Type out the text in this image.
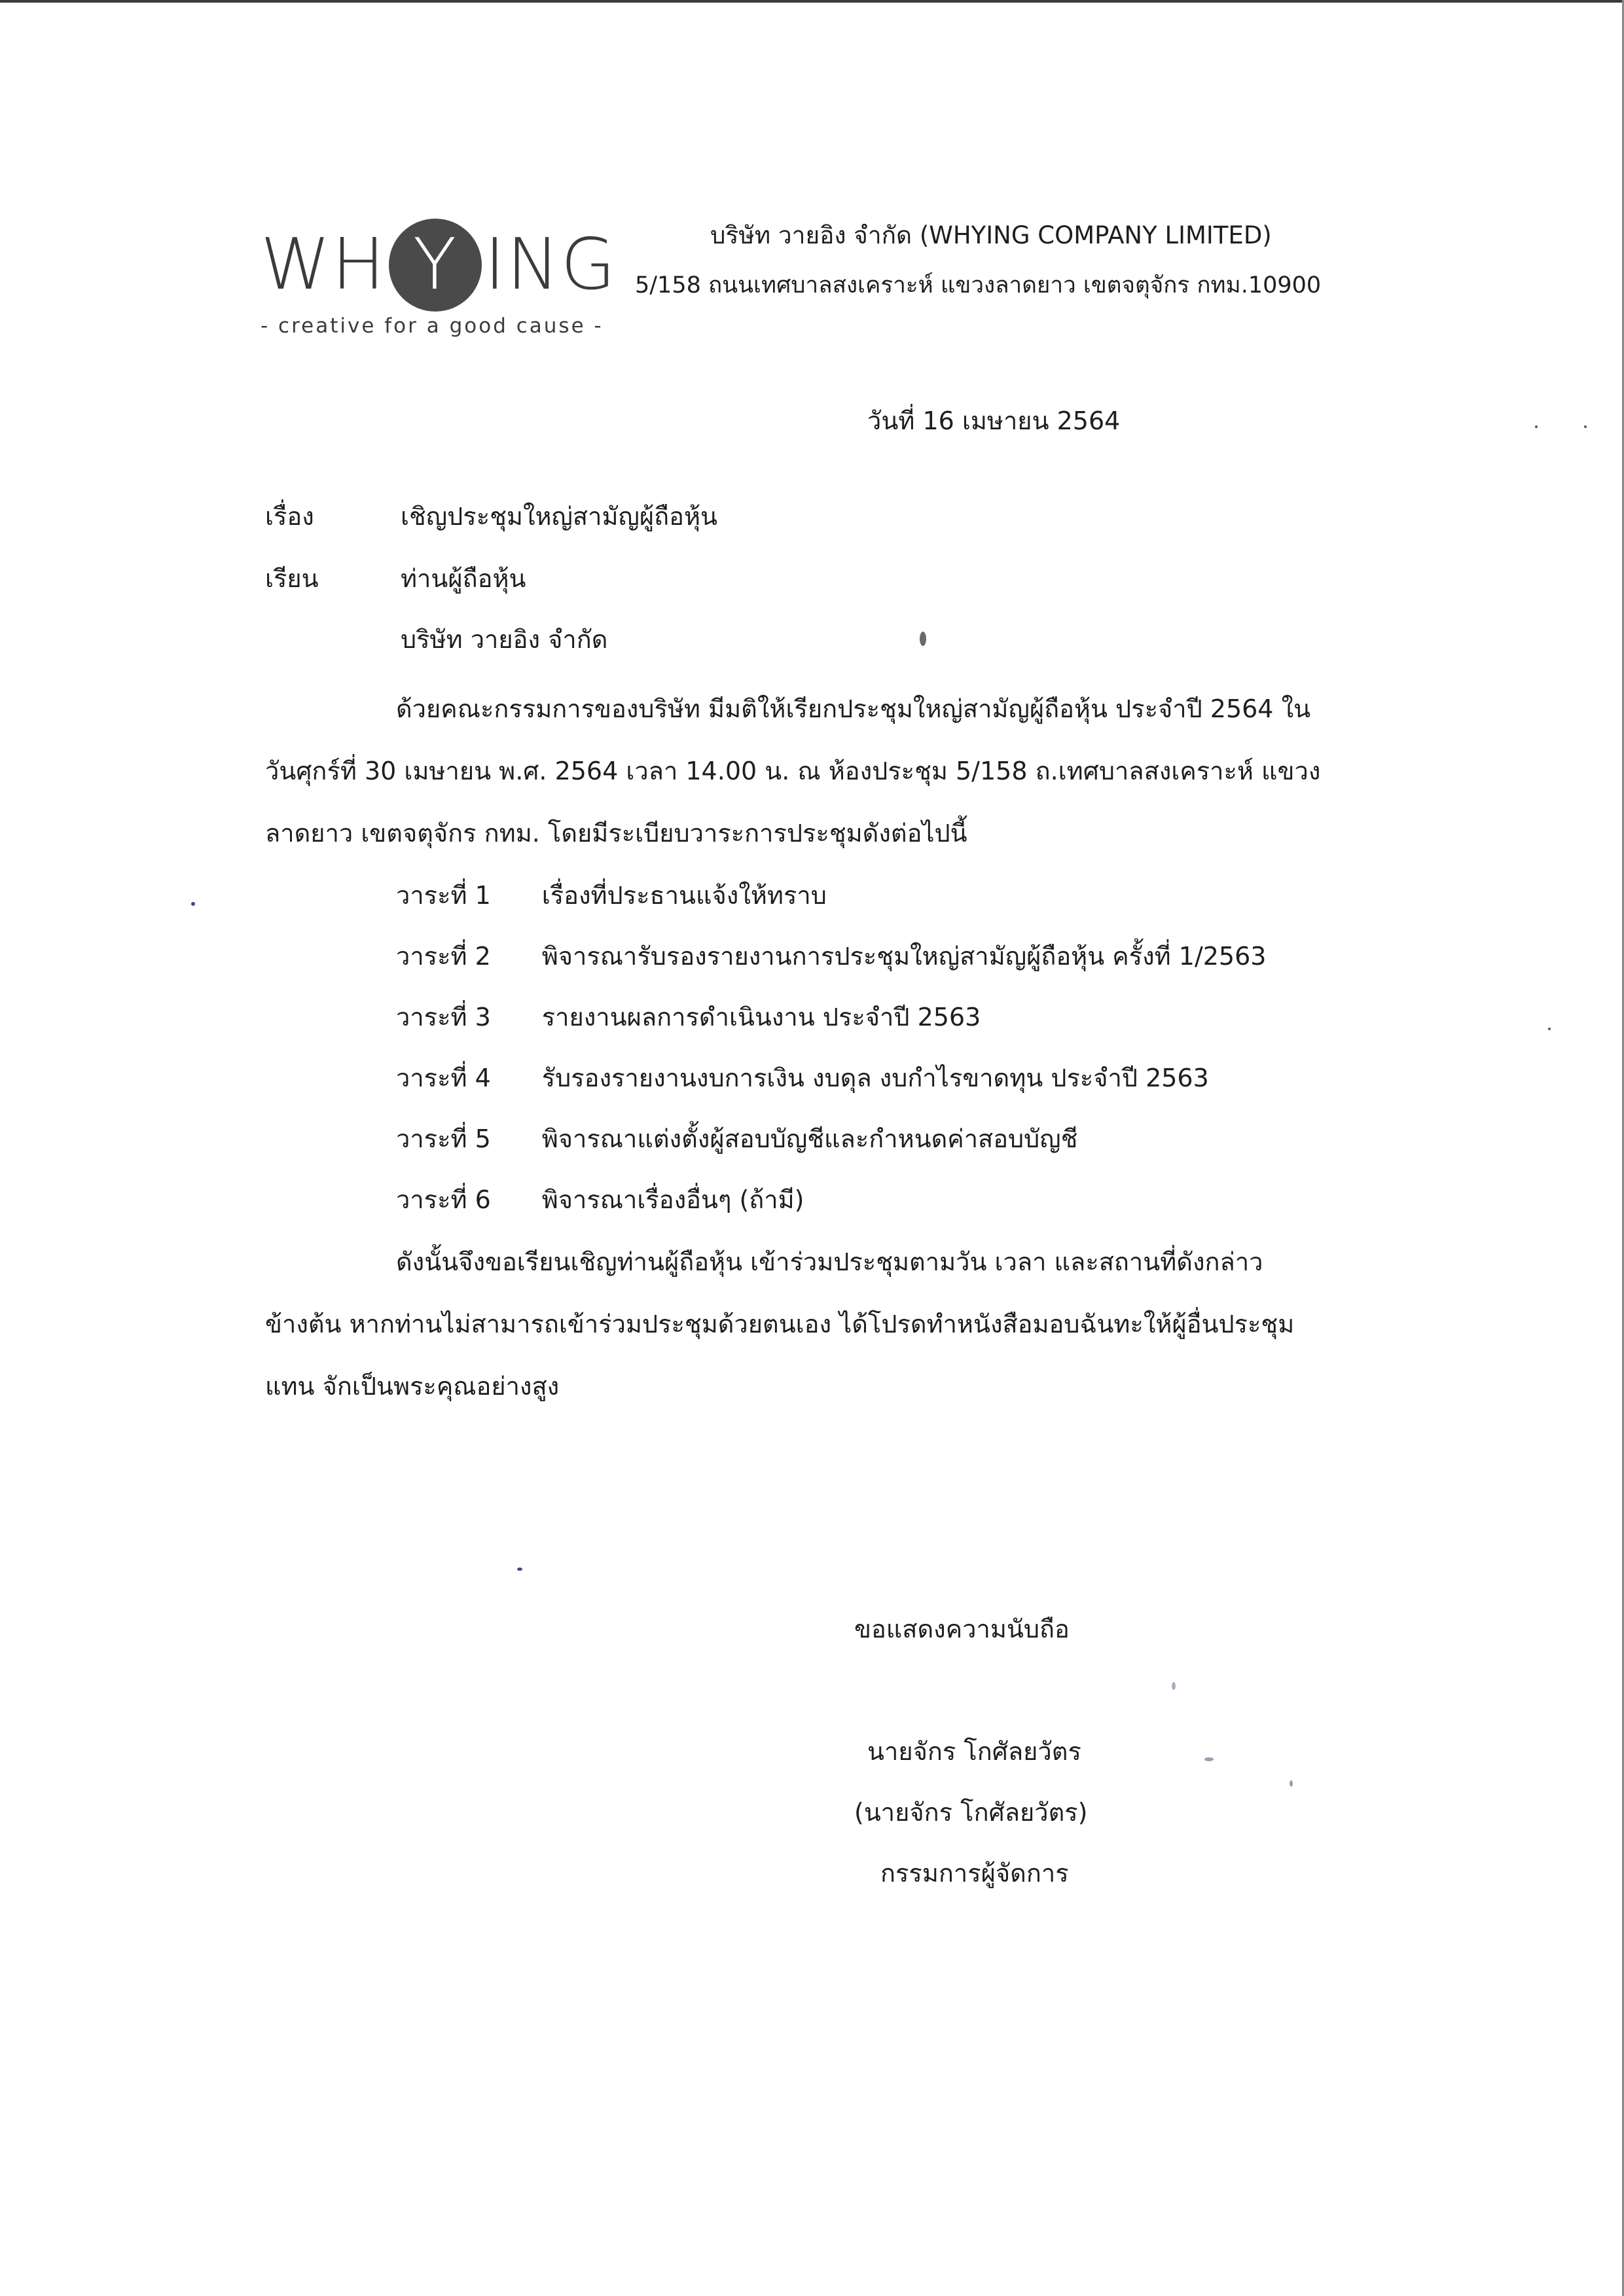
WH Y ING
- creative for a good cause -
บริษัท วายอิง จำกัด (WHYING COMPANY LIMITED)
5/158 ถนนเทศบาลสงเคราะห์ แขวงลาดยาว เขตจตุจักร กทม.10900
วันที่ 16 เมษายน 2564
เรื่อง	เชิญประชุมใหญ่สามัญผู้ถือหุ้น
เรียน	ท่านผู้ถือหุ้น
บริษัท วายอิง จำกัด
ด้วยคณะกรรมการของบริษัท มีมติให้เรียกประชุมใหญ่สามัญผู้ถือหุ้น ประจำปี 2564 ใน
วันศุกร์ที่ 30 เมษายน พ.ศ. 2564 เวลา 14.00 น. ณ ห้องประชุม 5/158 ถ.เทศบาลสงเคราะห์ แขวง
ลาดยาว เขตจตุจักร กทม. โดยมีระเบียบวาระการประชุมดังต่อไปนี้
วาระที่ 1 เรื่องที่ประธานแจ้งให้ทราบ
วาระที่ 2 พิจารณารับรองรายงานการประชุมใหญ่สามัญผู้ถือหุ้น ครั้งที่ 1/2563
วาระที่ 3 รายงานผลการดำเนินงาน ประจำปี 2563
วาระที่ 4 รับรองรายงานงบการเงิน งบดุล งบกำไรขาดทุน ประจำปี 2563
วาระที่ 5 พิจารณาแต่งตั้งผู้สอบบัญชีและกำหนดค่าสอบบัญชี
วาระที่ 6 พิจารณาเรื่องอื่นๆ (ถ้ามี)
ดังนั้นจึงขอเรียนเชิญท่านผู้ถือหุ้น เข้าร่วมประชุมตามวัน เวลา และสถานที่ดังกล่าว
ข้างต้น หากท่านไม่สามารถเข้าร่วมประชุมด้วยตนเอง ได้โปรดทำหนังสือมอบฉันทะให้ผู้อื่นประชุม
แทน จักเป็นพระคุณอย่างสูง
ขอแสดงความนับถือ
นายจักร โกศัลยวัตร
(นายจักร โกศัลยวัตร)
กรรมการผู้จัดการ
